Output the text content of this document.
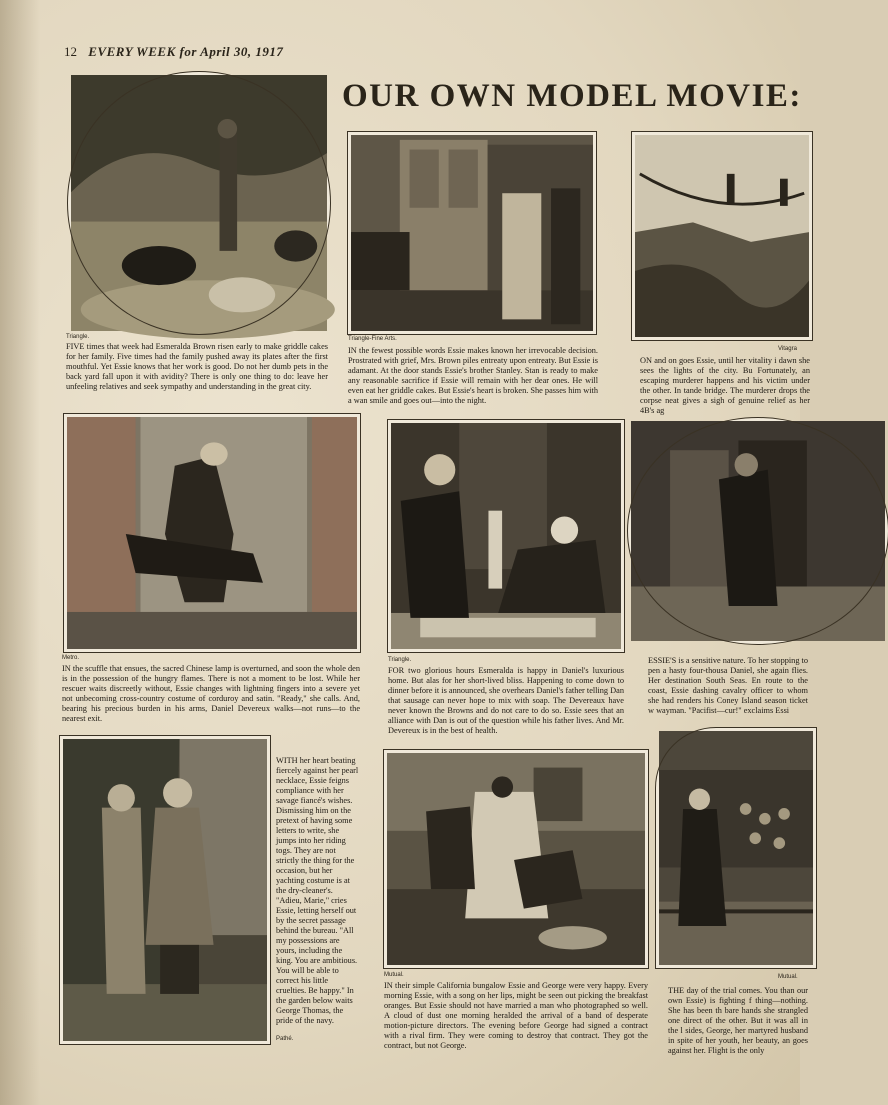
12 EVERY WEEK for April 30, 1917
OUR OWN MODEL MOVIE:
Triangle.
FIVE times that week had Esmeralda Brown risen early to make griddle cakes for her family. Five times had the family pushed away its plates after the first mouthful. Yet Essie knows that her work is good. Do not her dumb pets in the back yard fall upon it with avidity? There is only one thing to do: leave her unfeeling relatives and seek sympathy and understanding in the great city.
Triangle-Fine Arts.
IN the fewest possible words Essie makes known her irrevocable decision. Prostrated with grief, Mrs. Brown piles entreaty upon entreaty. But Essie is adamant. At the door stands Essie's brother Stanley. Stan is ready to make any reasonable sacrifice if Essie will remain with her dear ones. He will even eat her griddle cakes. But Essie's heart is broken. She passes him with a wan smile and goes out—into the night.
Vitagra
ON and on goes Essie, until her vitality i dawn she sees the lights of the city. Bu Fortunately, an escaping murderer happens and his victim under the other. In tande bridge. The murderer drops the corpse neat gives a sigh of genuine relief as her 4B's ag
Metro.
IN the scuffle that ensues, the sacred Chinese lamp is overturned, and soon the whole den is in the possession of the hungry flames. There is not a moment to be lost. While her rescuer waits discreetly without, Essie changes with lightning fingers into a severe yet not unbecoming cross-country costume of corduroy and satin. "Ready," she calls. And, bearing his precious burden in his arms, Daniel Devereux walks—not runs—to the nearest exit.
Triangle.
FOR two glorious hours Esmeralda is happy in Daniel's luxurious home. But alas for her short-lived bliss. Happening to come down to dinner before it is announced, she overhears Daniel's father telling Dan that sausage can never hope to mix with soap. The Devereaux have never known the Browns and do not care to do so. Essie sees that an alliance with Dan is out of the question while his father lives. And Mr. Devereux is in the best of health.
ESSIE'S is a sensitive nature. To her stopping to pen a hasty four-thousa Daniel, she again flies. Her destination South Seas. En route to the coast, Essie dashing cavalry officer to whom she had renders his Coney Island season ticket w wayman. "Pacifist—cur!" exclaims Essi
Pathé.
WITH her heart beating fiercely against her pearl necklace, Essie feigns compliance with her savage fiancé's wishes. Dismissing him on the pretext of having some letters to write, she jumps into her riding togs. They are not strictly the thing for the occasion, but her yachting costume is at the dry-cleaner's. "Adieu, Marie," cries Essie, letting herself out by the secret passage behind the bureau. "All my possessions are yours, including the king. You are ambitious. You will be able to correct his little cruelties. Be happy." In the garden below waits George Thomas, the pride of the navy.
Mutual.
IN their simple California bungalow Essie and George were very happy. Every morning Essie, with a song on her lips, might be seen out picking the breakfast oranges. But Essie should not have married a man who photographed so well. A cloud of dust one morning heralded the arrival of a band of desperate motion-picture directors. The evening before George had signed a contract with a rival firm. They were coming to destroy that contract. They got the contract, but not George.
Mutual.
THE day of the trial comes. You than our own Essie) is fighting f thing—nothing. She has been th bare hands she strangled one direct of the other. But it was all in the l sides, George, her martyred husband in spite of her youth, her beauty, an goes against her. Flight is the only
